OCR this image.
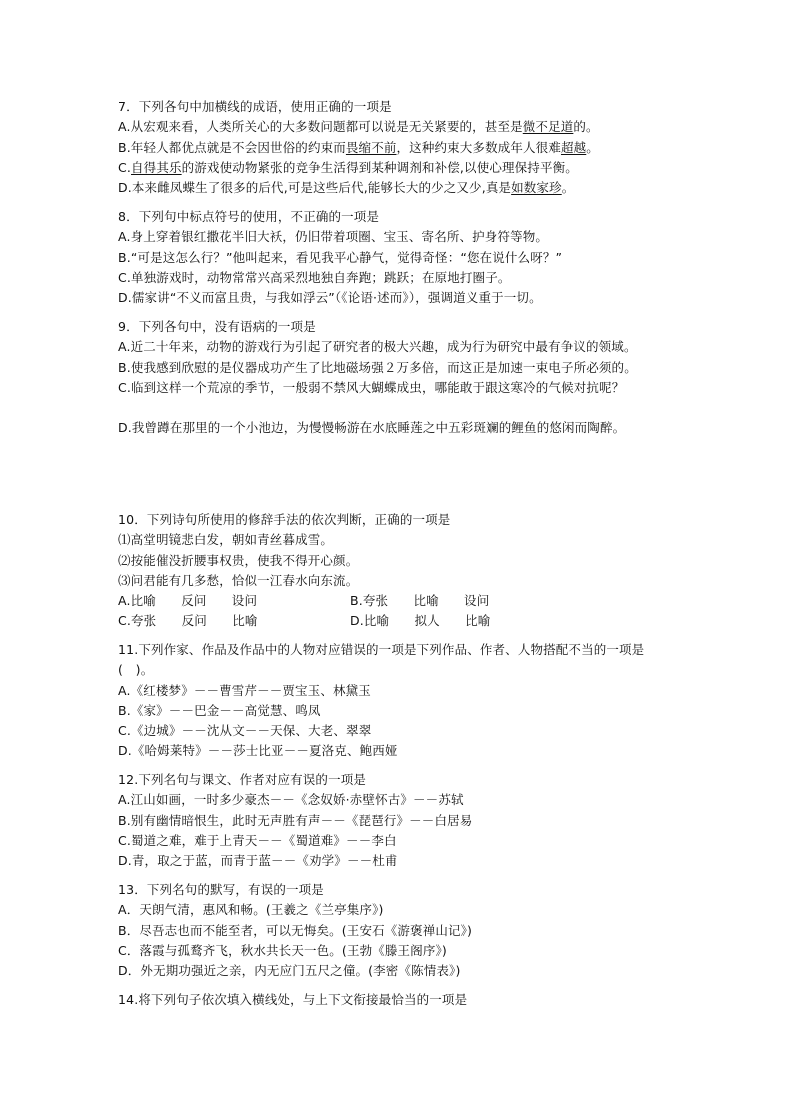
7．下列各句中加横线的成语，使用正确的一项是
A.从宏观来看，人类所关心的大多数问题都可以说是无关紧要的，甚至是微不足道的。
B.年轻人都优点就是不会因世俗的约束而畏缩不前，这种约束大多数成年人很难超越。
C.自得其乐的游戏使动物紧张的竞争生活得到某种调剂和补偿,以使心理保持平衡。
D.本来雌凤蝶生了很多的后代,可是这些后代,能够长大的少之又少,真是如数家珍。
8．下列句中标点符号的使用，不正确的一项是
A.身上穿着银红撒花半旧大袄，仍旧带着项圈、宝玉、寄名所、护身符等物。
B.“可是这怎么行？”他叫起来，看见我平心静气，觉得奇怪：“您在说什么呀？”
C.单独游戏时，动物常常兴高采烈地独自奔跑；跳跃；在原地打圈子。
D.儒家讲“不义而富且贵，与我如浮云”（《论语·述而》），强调道义重于一切。
9．下列各句中，没有语病的一项是
A.近二十年来，动物的游戏行为引起了研究者的极大兴趣，成为行为研究中最有争议的领域。
B.使我感到欣慰的是仪器成功产生了比地磁场强２万多倍，而这正是加速一束电子所必须的。
C.临到这样一个荒凉的季节，一般弱不禁风大蝴蝶成虫，哪能敢于跟这寒冷的气候对抗呢？
D.我曾蹲在那里的一个小池边，为慢慢畅游在水底睡莲之中五彩斑斓的鲤鱼的悠闲而陶醉。
10．下列诗句所使用的修辞手法的依次判断，正确的一项是
⑴高堂明镜悲白发，朝如青丝暮成雪。
⑵按能催没折腰事权贵，使我不得开心颜。
⑶问君能有几多愁，恰似一江春水向东流。
A.比喻　　反问　　设问	B.夸张　　比喻　　设问
C.夸张　　反问　　比喻	D.比喻　　拟人　　比喻
11.下列作家、作品及作品中的人物对应错误的一项是下列作品、作者、人物搭配不当的一项是(　)。
A.《红楼梦》－－曹雪芹－－贾宝玉、林黛玉
B.《家》－－巴金－－高觉慧、鸣凤
C.《边城》－－沈从文－－天保、大老、翠翠
D.《哈姆莱特》－－莎士比亚－－夏洛克、鲍西娅
12.下列名句与课文、作者对应有误的一项是
A.江山如画，一时多少豪杰－－《念奴娇·赤壁怀古》－－苏轼
B.别有幽情暗恨生，此时无声胜有声－－《琵琶行》－－白居易
C.蜀道之难，难于上青天－－《蜀道难》－－李白
D.青，取之于蓝，而青于蓝－－《劝学》－－杜甫
13．下列名句的默写，有误的一项是
A．天朗气清，惠风和畅。(王羲之《兰亭集序》)
B．尽吾志也而不能至者，可以无悔矣。(王安石《游褒禅山记》)
C．落霞与孤鹜齐飞，秋水共长天一色。(王勃《滕王阁序》)
D．外无期功强近之亲，内无应门五尺之僮。(李密《陈情表》)
14.将下列句子依次填入横线处，与上下文衔接最恰当的一项是
